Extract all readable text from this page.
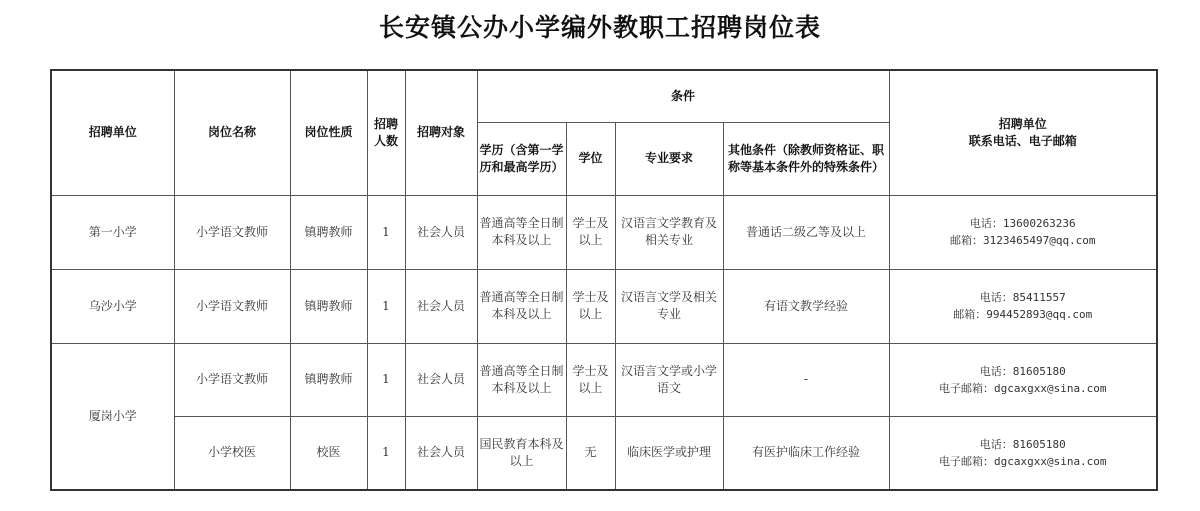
长安镇公办小学编外教职工招聘岗位表
招聘单位	岗位名称	岗位性质	招聘人数	招聘对象	条件				招聘单位
联系电话、电子邮箱

					学历（含第一学历和最高学历）	学位	专业要求	其他条件（除教师资格证、职称等基本条件外的特殊条件）	
第一小学	小学语文教师	镇聘教师	1	社会人员	普通高等全日制本科及以上	学士及以上	汉语言文学教育及相关专业	普通话二级乙等及以上	电话：13600263236
邮箱：3123465497@qq.com

乌沙小学	小学语文教师	镇聘教师	1	社会人员	普通高等全日制本科及以上	学士及以上	汉语言文学及相关专业	有语文教学经验	电话：85411557
邮箱：994452893@qq.com

厦岗小学	小学语文教师	镇聘教师	1	社会人员	普通高等全日制本科及以上	学士及以上	汉语言文学或小学语文	-	电话：81605180
电子邮箱：dgcaxgxx@sina.com

	小学校医	校医	1	社会人员	国民教育本科及以上	无	临床医学或护理	有医护临床工作经验	电话：81605180
电子邮箱：dgcaxgxx@sina.com
